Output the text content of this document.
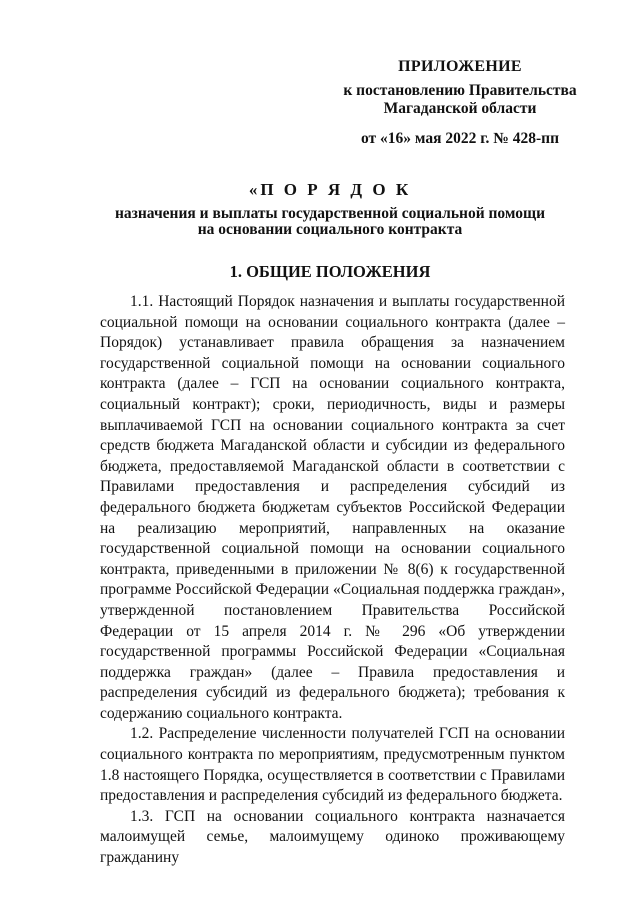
ПРИЛОЖЕНИЕ
к постановлению Правительства
Магаданской области
от «16» мая 2022 г. № 428-пп
«П О Р Я Д О К
назначения и выплаты государственной социальной помощи
на основании социального контракта
1. ОБЩИЕ ПОЛОЖЕНИЯ

1.1. Настоящий Порядок назначения и выплаты государственной социальной помощи на основании социального контракта (далее – Порядок) устанавливает правила обращения за назначением государственной социальной помощи на основании социального контракта (далее – ГСП на основании социального контракта, социальный контракт); сроки, периодичность, виды и размеры выплачиваемой ГСП на основании социального контракта за счет средств бюджета Магаданской области и субсидии из федерального бюджета, предоставляемой Магаданской области в соответствии с Правилами предоставления и распределения субсидий из федерального бюджета бюджетам субъектов Российской Федерации на реализацию мероприятий, направленных на оказание государственной социальной помощи на основании социального контракта, приведенными в приложении № 8(6) к государственной программе Российской Федерации «Социальная поддержка граждан», утвержденной постановлением Правительства Российской Федерации от 15 апреля 2014 г. № 296 «Об утверждении государственной программы Российской Федерации «Социальная поддержка граждан» (далее – Правила предоставления и распределения субсидий из федерального бюджета); требования к содержанию социального контракта.

1.2. Распределение численности получателей ГСП на основании социального контракта по мероприятиям, предусмотренным пунктом 1.8 настоящего Порядка, осуществляется в соответствии с Правилами предоставления и распределения субсидий из федерального бюджета.

1.3. ГСП на основании социального контракта назначается малоимущей семье, малоимущему одиноко проживающему гражданину
